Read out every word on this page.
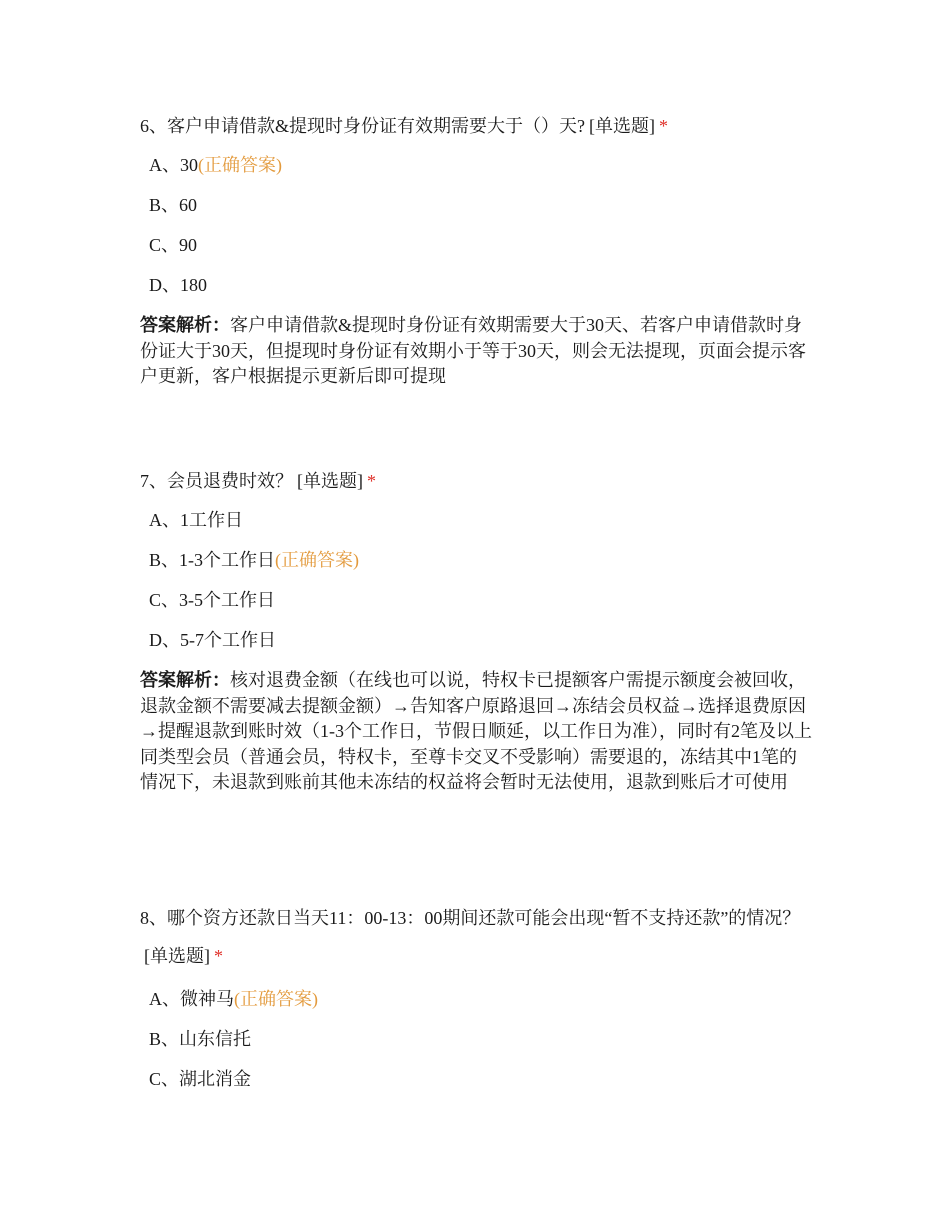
6、客户申请借款&提现时身份证有效期需要大于（）天? [单选题] *

A、30(正确答案)
B、60
C、90
D、180
答案解析：客户申请借款&提现时身份证有效期需要大于30天、若客户申请借款时身份证大于30天，但提现时身份证有效期小于等于30天，则会无法提现，页面会提示客户更新，客户根据提示更新后即可提现

7、会员退费时效？ [单选题] *

A、1工作日
B、1-3个工作日(正确答案)
C、3-5个工作日
D、5-7个工作日
答案解析：核对退费金额（在线也可以说，特权卡已提额客户需提示额度会被回收，退款金额不需要减去提额金额）→告知客户原路退回→冻结会员权益→选择退费原因→提醒退款到账时效（1-3个工作日，节假日顺延，以工作日为准），同时有2笔及以上同类型会员（普通会员，特权卡，至尊卡交叉不受影响）需要退的，冻结其中1笔的情况下，未退款到账前其他未冻结的权益将会暂时无法使用，退款到账后才可使用

8、哪个资方还款日当天11：00-13：00期间还款可能会出现“暂不支持还款”的情况？[单选题] *

A、微神马(正确答案)
B、山东信托
C、湖北消金
